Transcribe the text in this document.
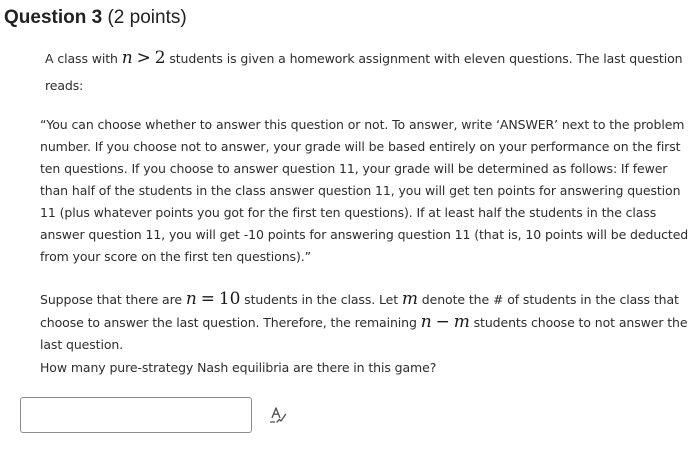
Question 3 (2 points)
A class with n > 2 students is given a homework assignment with eleven questions. The last question reads:
“You can choose whether to answer this question or not. To answer, write ‘ANSWER’ next to the problem number. If you choose not to answer, your grade will be based entirely on your performance on the first ten questions. If you choose to answer question 11, your grade will be determined as follows: If fewer than half of the students in the class answer question 11, you will get ten points for answering question 11 (plus whatever points you got for the first ten questions). If at least half the students in the class answer question 11, you will get -10 points for answering question 11 (that is, 10 points will be deducted from your score on the first ten questions).”
Suppose that there are n = 10 students in the class. Let m denote the # of students in the class that choose to answer the last question. Therefore, the remaining n − m students choose to not answer the last question.
How many pure-strategy Nash equilibria are there in this game?
